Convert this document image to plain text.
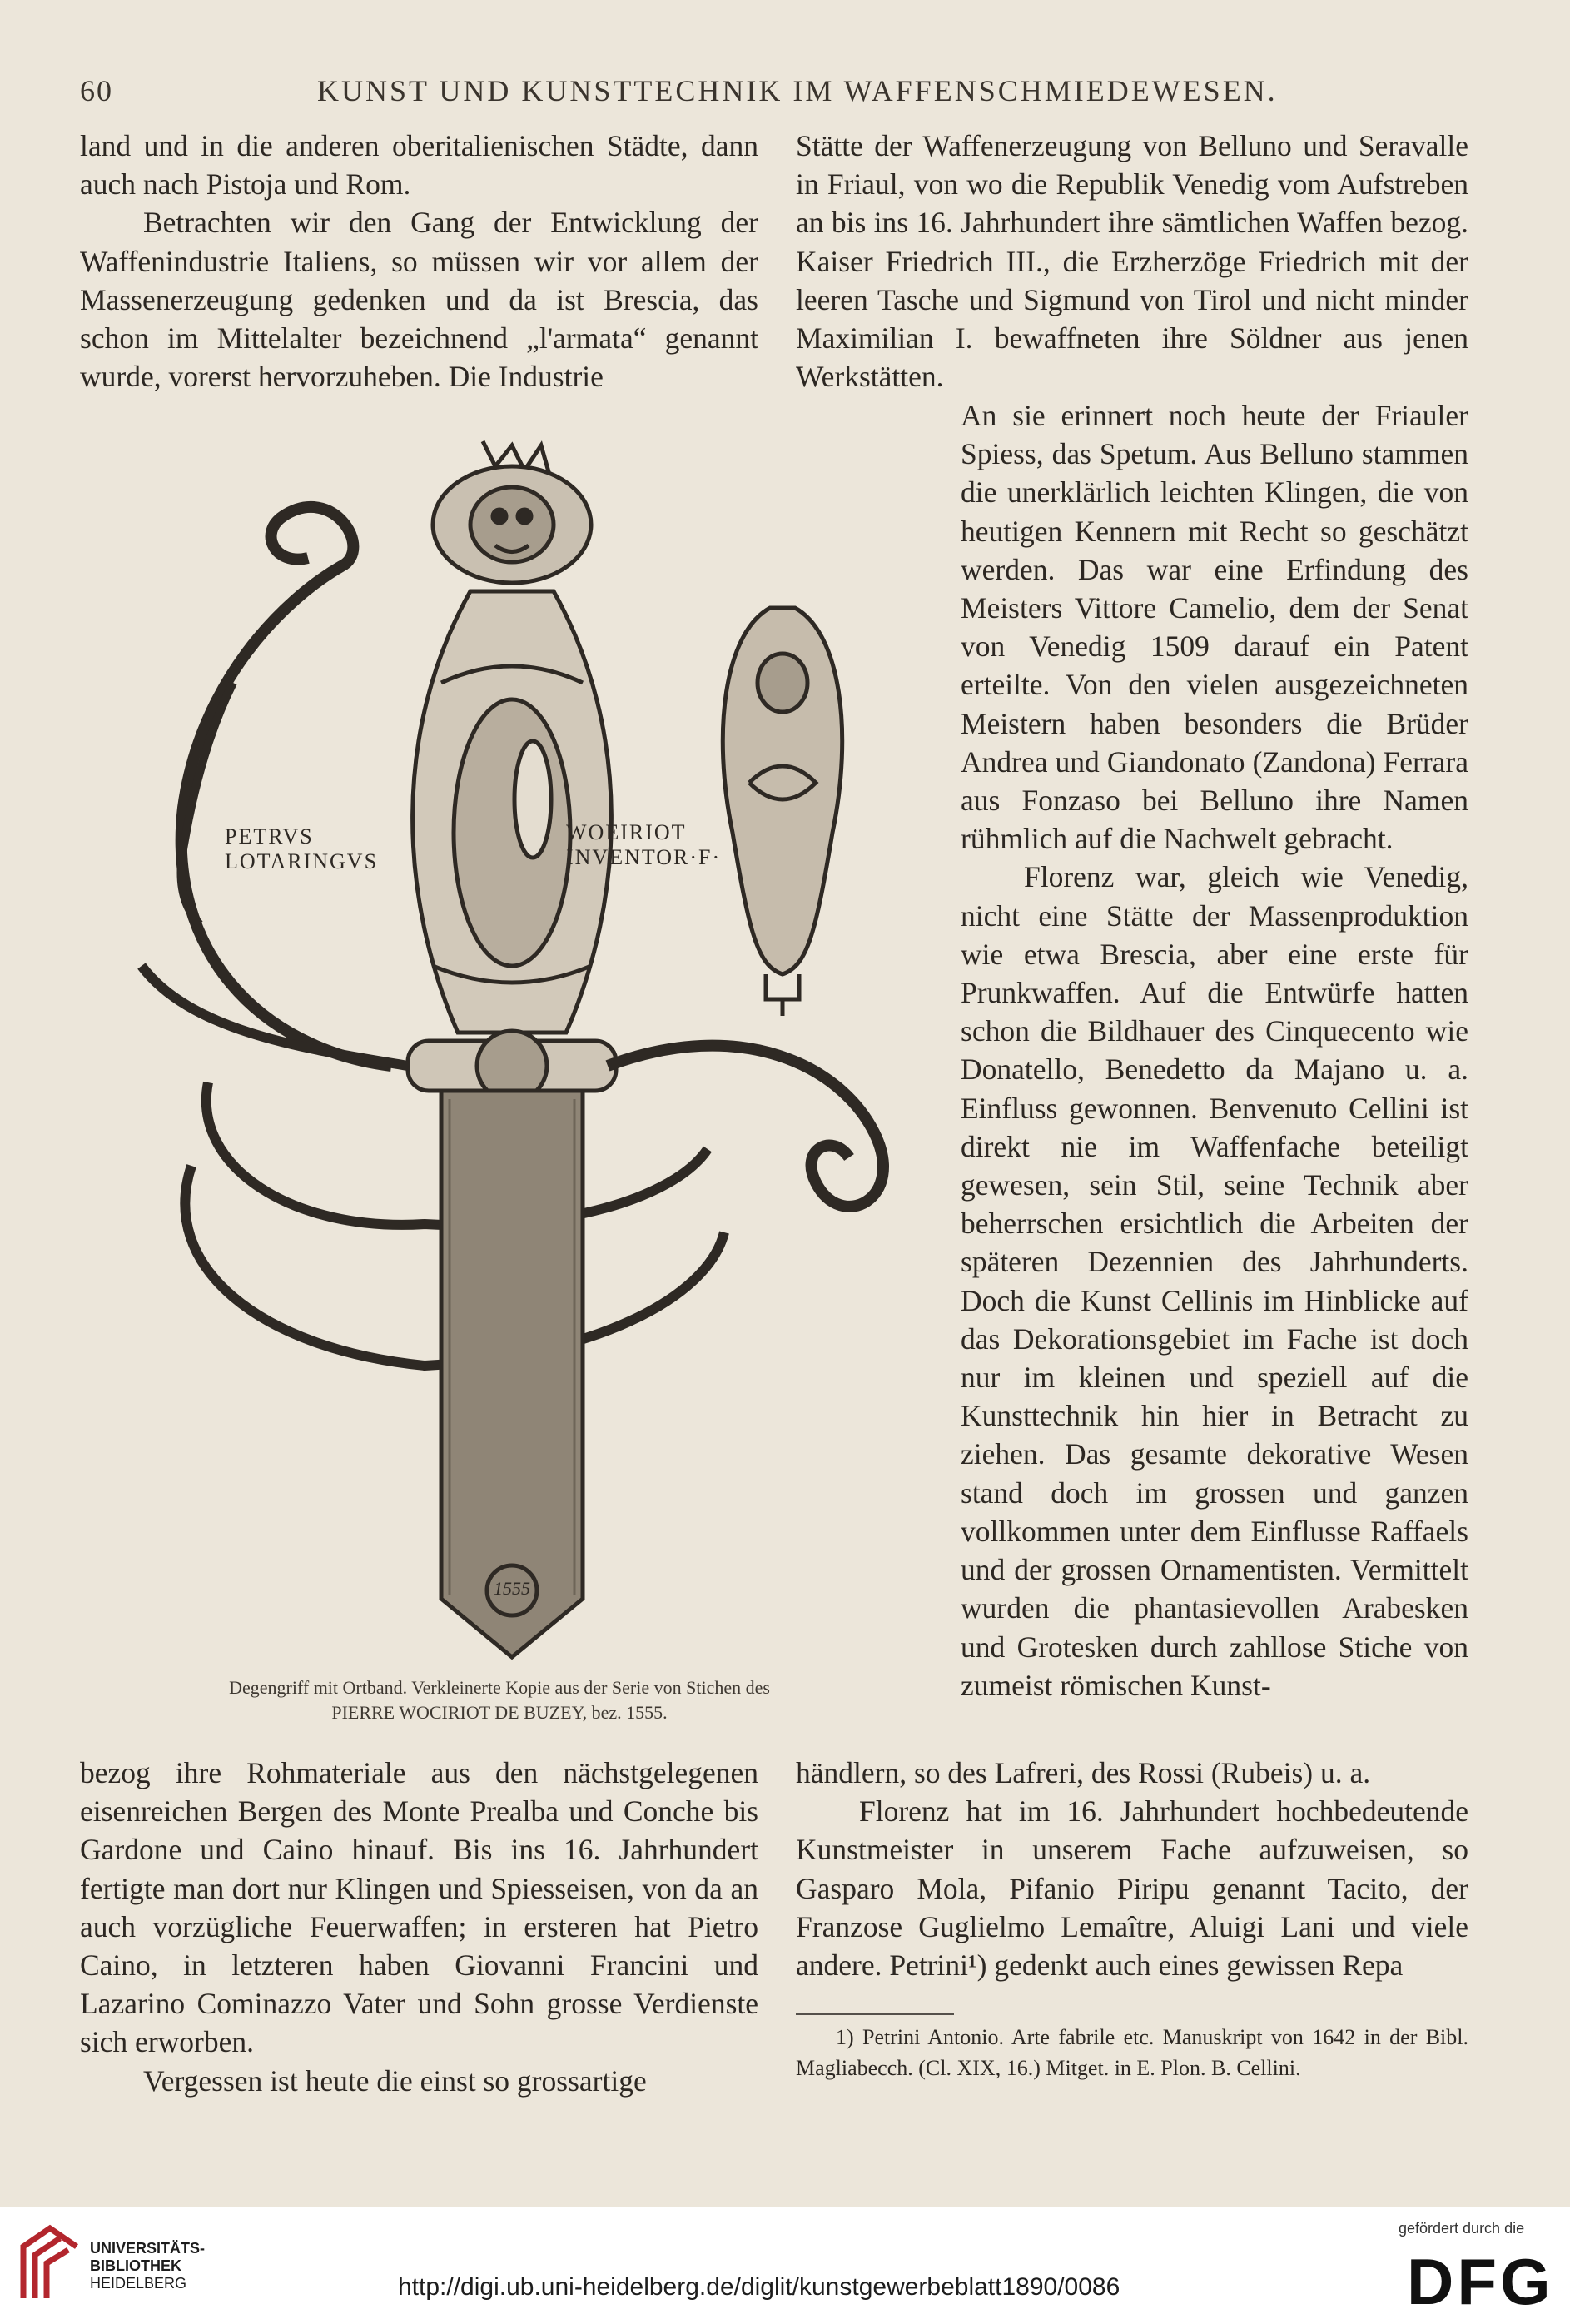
60	KUNST UND KUNSTTECHNIK IM WAFFENSCHMIEDEWESEN.

land und in die anderen oberitalienischen Städte, dann auch nach Pistoja und Rom.

Betrachten wir den Gang der Entwicklung der Waffenindustrie Italiens, so müssen wir vor allem der Massenerzeugung gedenken und da ist Brescia, das schon im Mittelalter bezeichnend „l'armata“ genannt wurde, vorerst hervorzuheben. Die Industrie

Stätte der Waffenerzeugung von Belluno und Seravalle in Friaul, von wo die Republik Venedig vom Aufstreben an bis ins 16. Jahrhundert ihre sämtlichen Waffen bezog. Kaiser Friedrich III., die Erzherzöge Friedrich mit der leeren Tasche und Sigmund von Tirol und nicht minder Maximilian I. bewaffneten ihre Söldner aus jenen Werkstätten.

An sie erinnert noch heute der Friauler Spiess, das Spetum. Aus Belluno stammen die unerklärlich leichten Klingen, die von heutigen Kennern mit Recht so geschätzt werden. Das war eine Erfindung des Meisters Vittore Camelio, dem der Senat von Venedig 1509 darauf ein Patent erteilte. Von den vielen ausgezeichneten Meistern haben besonders die Brüder Andrea und Giandonato (Zandona) Ferrara aus Fonzaso bei Belluno ihre Namen rühmlich auf die Nachwelt gebracht.

Florenz war, gleich wie Venedig, nicht eine Stätte der Massenproduktion wie etwa Brescia, aber eine erste für Prunkwaffen. Auf die Entwürfe hatten schon die Bildhauer des Cinquecento wie Donatello, Benedetto da Majano u. a. Einfluss gewonnen. Benvenuto Cellini ist direkt nie im Waffenfache beteiligt gewesen, sein Stil, seine Technik aber beherrschen ersichtlich die Arbeiten der späteren Dezennien des Jahrhunderts. Doch die Kunst Cellinis im Hinblicke auf das Dekorationsgebiet im Fache ist doch nur im kleinen und speziell auf die Kunsttechnik hin hier in Betracht zu ziehen. Das gesamte dekorative Wesen stand doch im grossen und ganzen vollkommen unter dem Einflusse Raffaels und der grossen Ornamentisten. Vermittelt wurden die phantasievollen Arabesken und Grotesken durch zahllose Stiche von zumeist römischen Kunst-

1555
PETRVS
LOTARINGVS
WOEIRIOT
INVENTOR·F·
Degengriff mit Ortband. Verkleinerte Kopie aus der Serie von Stichen des
PIERRE WOCIRIOT DE BUZEY, bez. 1555.

bezog ihre Rohmateriale aus den nächstgelegenen eisenreichen Bergen des Monte Prealba und Conche bis Gardone und Caino hinauf. Bis ins 16. Jahrhundert fertigte man dort nur Klingen und Spiesseisen, von da an auch vorzügliche Feuerwaffen; in ersteren hat Pietro Caino, in letzteren haben Giovanni Francini und Lazarino Cominazzo Vater und Sohn grosse Verdienste sich erworben.

Vergessen ist heute die einst so grossartige

händlern, so des Lafreri, des Rossi (Rubeis) u. a.

Florenz hat im 16. Jahrhundert hochbedeutende Kunstmeister in unserem Fache aufzuweisen, so Gasparo Mola, Pifanio Piripu genannt Tacito, der Franzose Guglielmo Lemaître, Aluigi Lani und viele andere. Petrini¹) gedenkt auch eines gewissen Repa

1) Petrini Antonio. Arte fabrile etc. Manuskript von 1642 in der Bibl. Magliabecch. (Cl. XIX, 16.) Mitget. in E. Plon. B. Cellini.

UNIVERSITÄTS-
BIBLIOTHEK
HEIDELBERG	http://digi.ub.uni-heidelberg.de/diglit/kunstgewerbeblatt1890/0086
gefördert durch die
DFG
